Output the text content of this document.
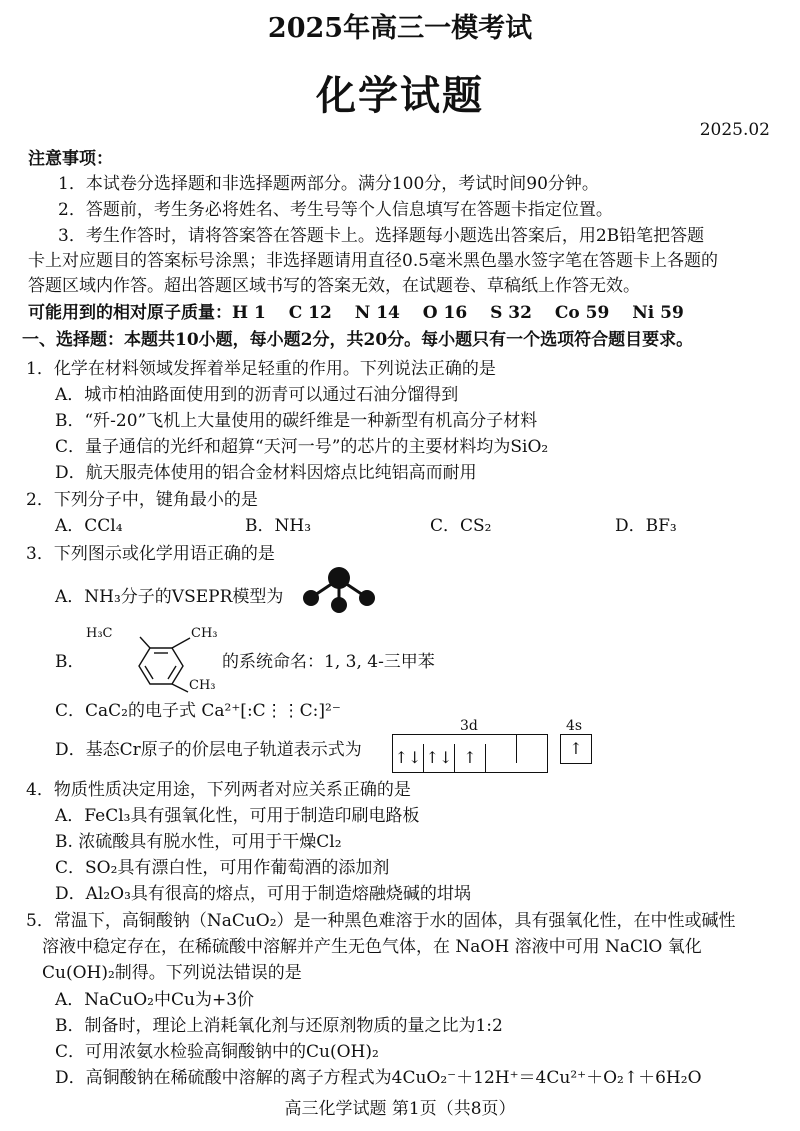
2025年高三一模考试
化学试题
2025.02
注意事项：
1．本试卷分选择题和非选择题两部分。满分100分，考试时间90分钟。
2．答题前，考生务必将姓名、考生号等个人信息填写在答题卡指定位置。
3．考生作答时，请将答案答在答题卡上。选择题每小题选出答案后，用2B铅笔把答题
卡上对应题目的答案标号涂黑；非选择题请用直径0.5毫米黑色墨水签字笔在答题卡上各题的
答题区域内作答。超出答题区域书写的答案无效，在试题卷、草稿纸上作答无效。
可能用到的相对原子质量：H 1　 C 12　 N 14　 O 16　 S 32　 Co 59　 Ni 59
一、选择题：本题共10小题，每小题2分，共20分。每小题只有一个选项符合题目要求。
1．化学在材料领域发挥着举足轻重的作用。下列说法正确的是
A．城市柏油路面使用到的沥青可以通过石油分馏得到
B．“歼-20”飞机上大量使用的碳纤维是一种新型有机高分子材料
C．量子通信的光纤和超算“天河一号”的芯片的主要材料均为SiO₂
D．航天服壳体使用的铝合金材料因熔点比纯铝高而耐用
2．下列分子中，键角最小的是
A．CCl₄	B．NH₃	C．CS₂	D．BF₃
3．下列图示或化学用语正确的是
A．NH₃分子的VSEPR模型为
B．
H₃C	CH₃
CH₃
的系统命名：1, 3, 4-三甲苯
C．CaC₂的电子式 Ca²⁺[:C⋮⋮C:]²⁻
D．基态Cr原子的价层电子轨道表示式为
3d	4s
↑↓ ↑↓ ↑	↑
4．物质性质决定用途，下列两者对应关系正确的是
A．FeCl₃具有强氧化性，可用于制造印刷电路板
B. 浓硫酸具有脱水性，可用于干燥Cl₂
C．SO₂具有漂白性，可用作葡萄酒的添加剂
D．Al₂O₃具有很高的熔点，可用于制造熔融烧碱的坩埚
5．常温下，高铜酸钠（NaCuO₂）是一种黑色难溶于水的固体，具有强氧化性，在中性或碱性
溶液中稳定存在，在稀硫酸中溶解并产生无色气体，在 NaOH 溶液中可用 NaClO 氧化
Cu(OH)₂制得。下列说法错误的是
A．NaCuO₂中Cu为+3价
B．制备时，理论上消耗氧化剂与还原剂物质的量之比为1:2
C．可用浓氨水检验高铜酸钠中的Cu(OH)₂
D．高铜酸钠在稀硫酸中溶解的离子方程式为4CuO₂⁻＋12H⁺＝4Cu²⁺＋O₂↑＋6H₂O
高三化学试题 第1页（共8页）
